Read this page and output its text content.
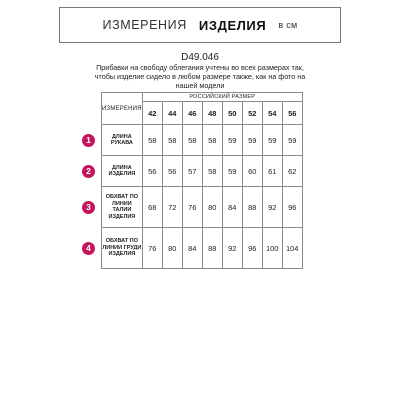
ИЗМЕРЕНИЯ ИЗДЕЛИЯ в см
D49.046
Прибавки на свободу облегания учтены во всех размерах так, чтобы изделие сидело в любом размере также, как на фото на нашей модели
ИЗМЕРЕНИЯ	РОССИЙСКИЙ РАЗМЕР							
	42	44	46	48	50	52	54	56
ДЛИНА РУКАВА	58	58	58	58	59	59	59	59
ДЛИНА ИЗДЕЛИЯ	56	56	57	58	59	60	61	62
ОБХВАТ ПО ЛИНИИ ТАЛИИ ИЗДЕЛИЯ	68	72	76	80	84	88	92	96
ОБХВАТ ПО ЛИНИИ ГРУДИ ИЗДЕЛИЯ	76	80	84	88	92	96	100	104
1
2
3
4
